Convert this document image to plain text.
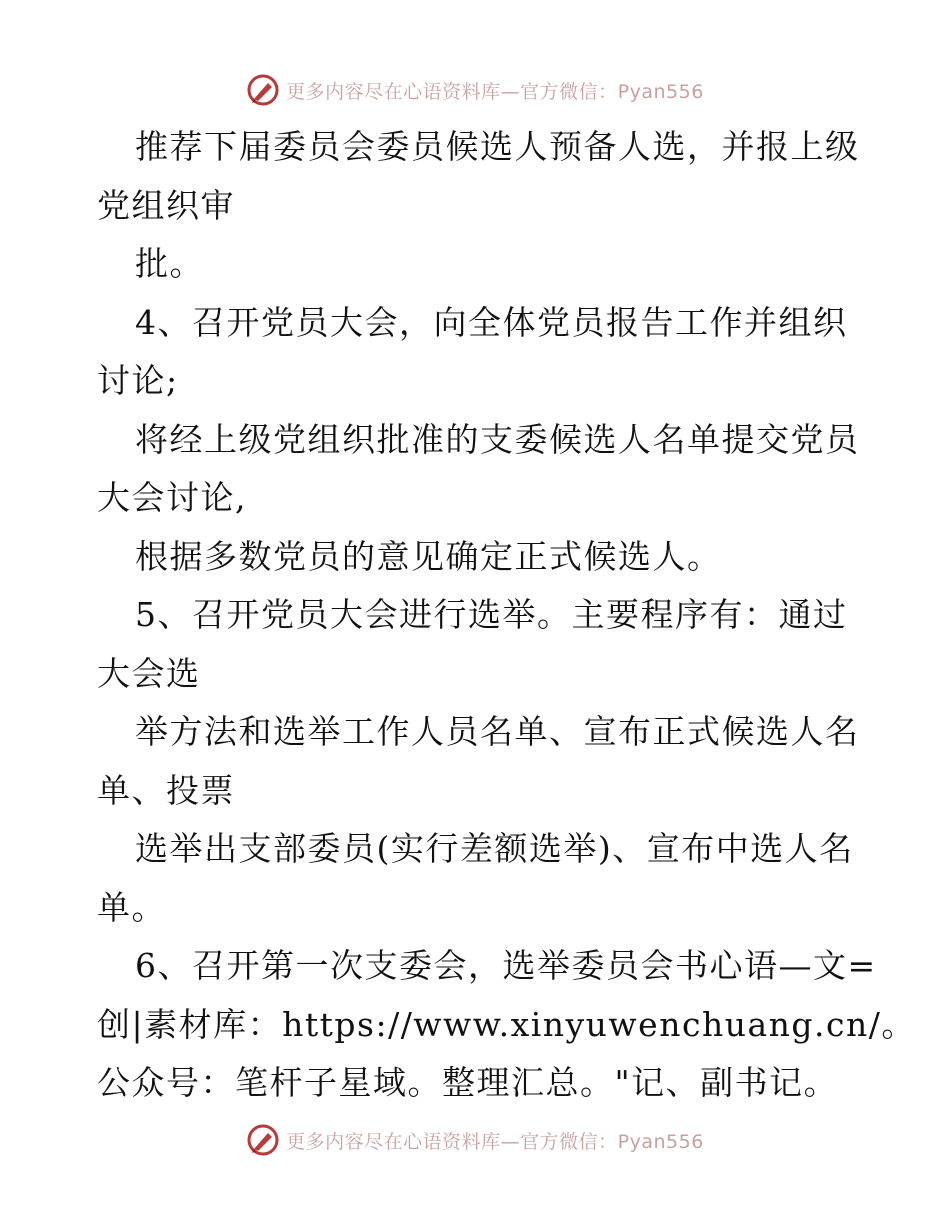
更多内容尽在心语资料库—官方微信：Pyan556
推荐下届委员会委员候选人预备人选，并报上级
党组织审
批。
4、召开党员大会，向全体党员报告工作并组织
讨论;
将经上级党组织批准的支委候选人名单提交党员
大会讨论,
根据多数党员的意见确定正式候选人。
5、召开党员大会进行选举。主要程序有：通过
大会选
举方法和选举工作人员名单、宣布正式候选人名
单、投票
选举出支部委员(实行差额选举)、宣布中选人名
单。
6、召开第一次支委会，选举委员会书心语—文=
创|素材库：https://www.xinyuwenchuang.cn/。
公众号：笔杆子星域。整理汇总。"记、副书记。
更多内容尽在心语资料库—官方微信：Pyan556
